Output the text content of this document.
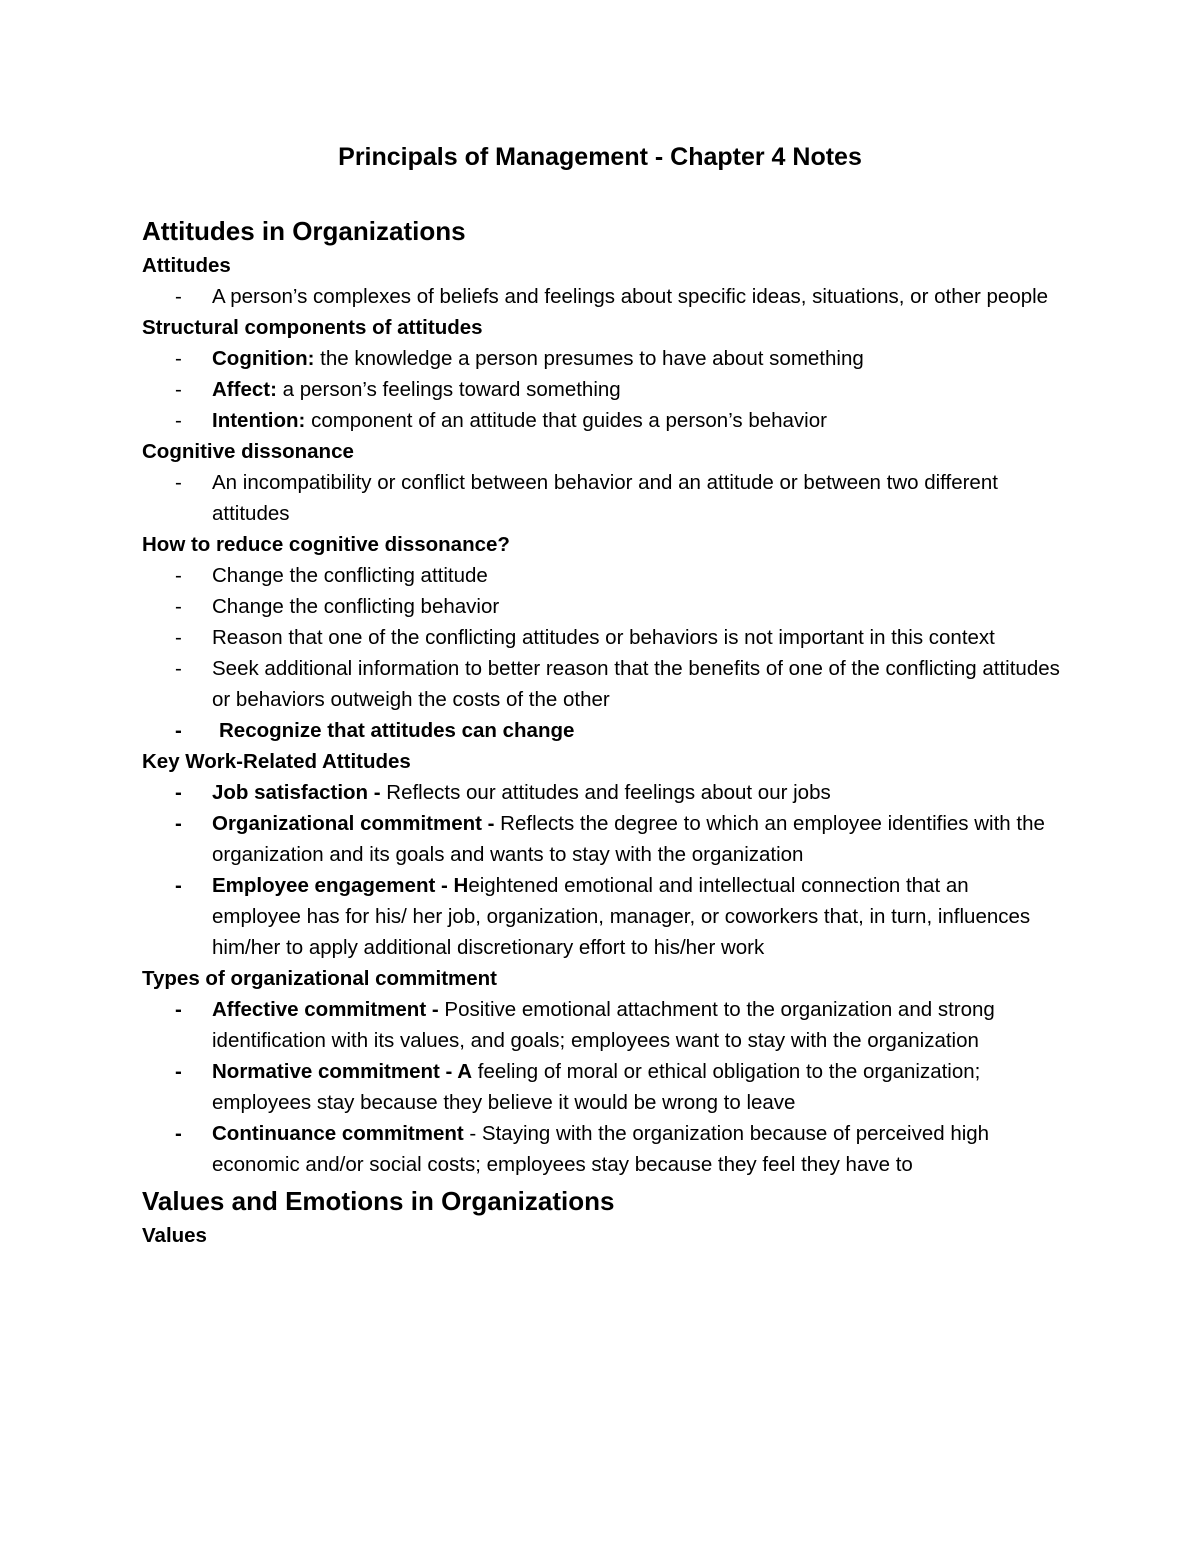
Principals of Management - Chapter 4 Notes
Attitudes in Organizations
Attitudes
- A person’s complexes of beliefs and feelings about specific ideas, situations, or other people
Structural components of attitudes
- Cognition: the knowledge a person presumes to have about something
- Affect: a person’s feelings toward something
- Intention: component of an attitude that guides a person’s behavior
Cognitive dissonance
- An incompatibility or conflict between behavior and an attitude or between two different attitudes
How to reduce cognitive dissonance?
- Change the conflicting attitude
- Change the conflicting behavior
- Reason that one of the conflicting attitudes or behaviors is not important in this context
- Seek additional information to better reason that the benefits of one of the conflicting attitudes or behaviors outweigh the costs of the other
- Recognize that attitudes can change
Key Work-Related Attitudes
- Job satisfaction - Reflects our attitudes and feelings about our jobs
- Organizational commitment - Reflects the degree to which an employee identifies with the organization and its goals and wants to stay with the organization
- Employee engagement - Heightened emotional and intellectual connection that an employee has for his/ her job, organization, manager, or coworkers that, in turn, influences him/her to apply additional discretionary effort to his/her work
Types of organizational commitment
- Affective commitment - Positive emotional attachment to the organization and strong identification with its values, and goals; employees want to stay with the organization
- Normative commitment - A feeling of moral or ethical obligation to the organization; employees stay because they believe it would be wrong to leave
- Continuance commitment - Staying with the organization because of perceived high economic and/or social costs; employees stay because they feel they have to
Values and Emotions in Organizations
Values
